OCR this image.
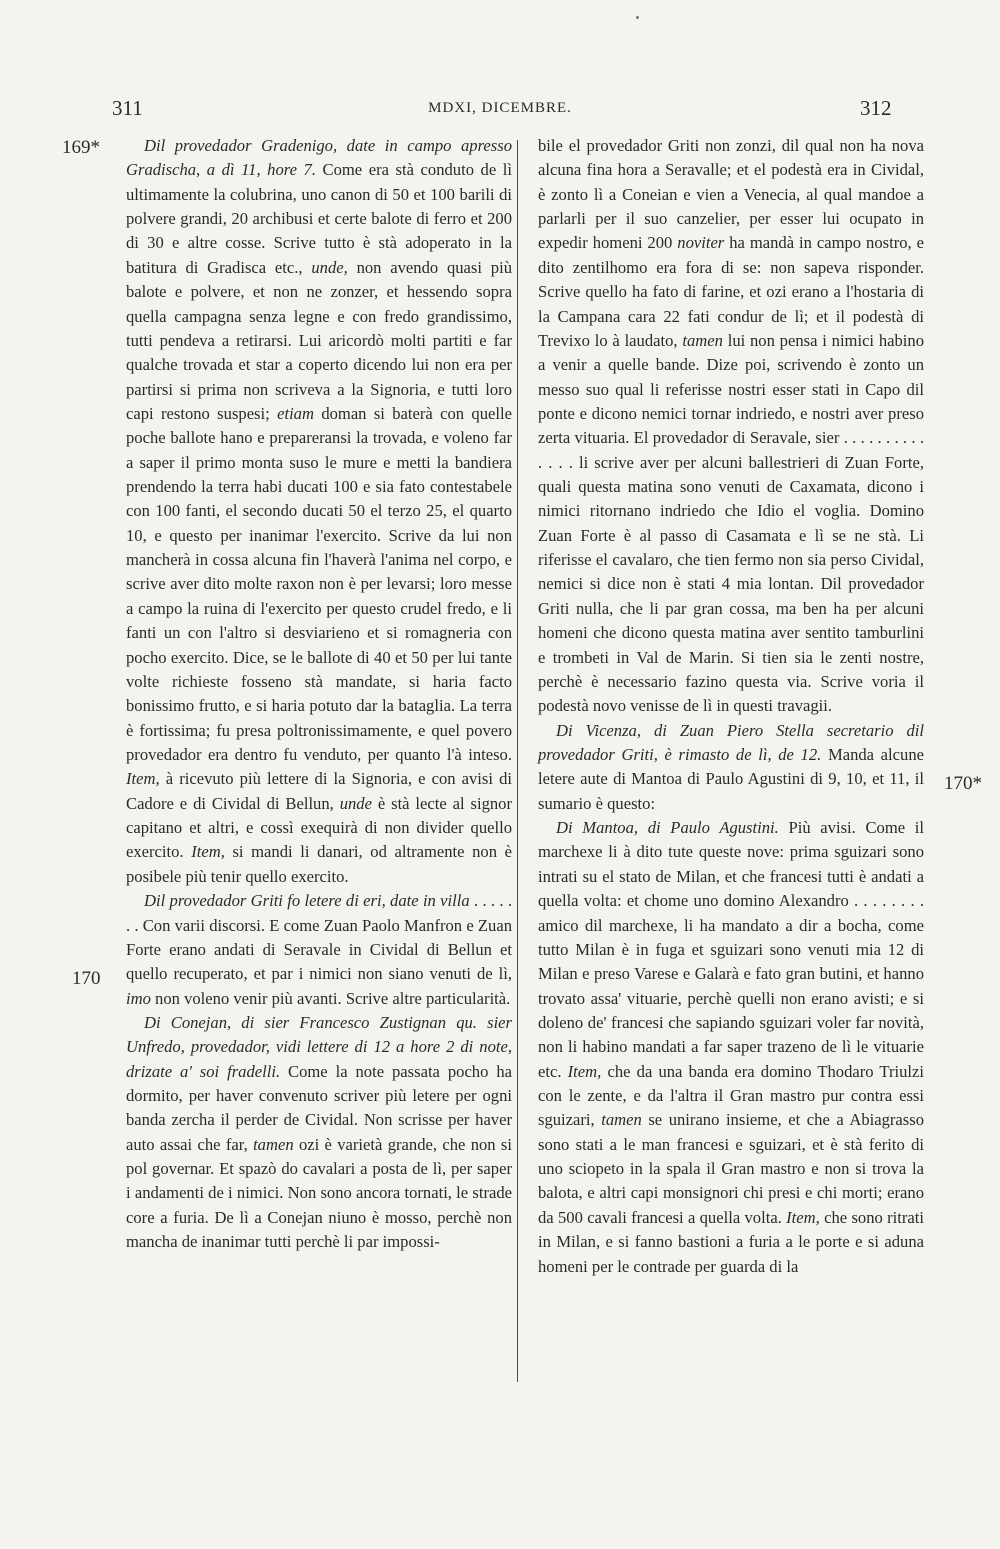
311	MDXI, DICEMBRE.	312
169*
170
170*

Dil provedador Gradenigo, date in campo apresso Gradischa, a dì 11, hore 7. Come era stà conduto de lì ultimamente la colubrina, uno canon di 50 et 100 barili di polvere grandi, 20 archibusi et certe balote di ferro et 200 di 30 e altre cosse. Scrive tutto è stà adoperato in la batitura di Gradisca etc., unde, non avendo quasi più balote e polvere, et non ne zonzer, et hessendo sopra quella campagna senza legne e con fredo grandissimo, tutti pendeva a retirarsi. Lui aricordò molti partiti e far qualche trovada et star a coperto dicendo lui non era per partirsi si prima non scriveva a la Signoria, e tutti loro capi restono suspesi; etiam doman si baterà con quelle poche ballote hano e prepareransi la trovada, e voleno far a saper il primo monta suso le mure e metti la bandiera prendendo la terra habi ducati 100 e sia fato contestabele con 100 fanti, el secondo ducati 50 el terzo 25, el quarto 10, e questo per inanimar l'exercito. Scrive da lui non mancherà in cossa alcuna fin l'haverà l'anima nel corpo, e scrive aver dito molte raxon non è per levarsi; loro messe a campo la ruina di l'exercito per questo crudel fredo, e li fanti un con l'altro si desviarieno et si romagneria con pocho exercito. Dice, se le ballote di 40 et 50 per lui tante volte richieste fosseno stà mandate, si haria facto bonissimo frutto, e si haria potuto dar la bataglia. La terra è fortissima; fu presa poltronissimamente, e quel povero provedador era dentro fu venduto, per quanto l'à inteso. Item, à ricevuto più lettere di la Signoria, e con avisi di Cadore e di Cividal di Bellun, unde è stà lecte al signor capitano et altri, e cossì exequirà di non divider quello exercito. Item, si mandi li danari, od altramente non è posibele più tenir quello exercito.

Dil provedador Griti fo letere di eri, date in villa . . . . . . . Con varii discorsi. E come Zuan Paolo Manfron e Zuan Forte erano andati di Seravale in Cividal di Bellun et quello recuperato, et par i nimici non siano venuti de lì, imo non voleno venir più avanti. Scrive altre particularità.

Di Conejan, di sier Francesco Zustignan qu. sier Unfredo, provedador, vidi lettere di 12 a hore 2 di note, drizate a' soi fradelli. Come la note passata pocho ha dormito, per haver convenuto scriver più letere per ogni banda zercha il perder de Cividal. Non scrisse per haver auto assai che far, tamen ozi è varietà grande, che non si pol governar. Et spazò do cavalari a posta de lì, per saper i andamenti de i nimici. Non sono ancora tornati, le strade core a furia. De lì a Conejan niuno è mosso, perchè non mancha de inanimar tutti perchè li par impossi-

bile el provedador Griti non zonzi, dil qual non ha nova alcuna fina hora a Seravalle; et el podestà era in Cividal, è zonto lì a Coneian e vien a Venecia, al qual mandoe a parlarli per il suo canzelier, per esser lui ocupato in expedir homeni 200 noviter ha mandà in campo nostro, e dito zentilhomo era fora di se: non sapeva risponder. Scrive quello ha fato di farine, et ozi erano a l'hostaria di la Campana cara 22 fati condur de lì; et il podestà di Trevixo lo à laudato, tamen lui non pensa i nimici habino a venir a quelle bande. Dize poi, scrivendo è zonto un messo suo qual li referisse nostri esser stati in Capo dil ponte e dicono nemici tornar indriedo, e nostri aver preso zerta vituaria. El provedador di Seravale, sier . . . . . . . . . . . . . . li scrive aver per alcuni ballestrieri di Zuan Forte, quali questa matina sono venuti de Caxamata, dicono i nimici ritornano indriedo che Idio el voglia. Domino Zuan Forte è al passo di Casamata e lì se ne stà. Li riferisse el cavalaro, che tien fermo non sia perso Cividal, nemici si dice non è stati 4 mia lontan. Dil provedador Griti nulla, che li par gran cossa, ma ben ha per alcuni homeni che dicono questa matina aver sentito tamburlini e trombeti in Val de Marin. Si tien sia le zenti nostre, perchè è necessario fazino questa via. Scrive voria il podestà novo venisse de lì in questi travagii.

Di Vicenza, di Zuan Piero Stella secretario dil provedador Griti, è rimasto de lì, de 12. Manda alcune letere aute di Mantoa di Paulo Agustini di 9, 10, et 11, il sumario è questo:

Di Mantoa, di Paulo Agustini. Più avisi. Come il marchexe li à dito tute queste nove: prima sguizari sono intrati su el stato de Milan, et che francesi tutti è andati a quella volta: et chome uno domino Alexandro . . . . . . . . amico dil marchexe, li ha mandato a dir a bocha, come tutto Milan è in fuga et sguizari sono venuti mia 12 di Milan e preso Varese e Galarà e fato gran butini, et hanno trovato assa' vituarie, perchè quelli non erano avisti; e si doleno de' francesi che sapiando sguizari voler far novità, non li habino mandati a far saper trazeno de lì le vituarie etc. Item, che da una banda era domino Thodaro Triulzi con le zente, e da l'altra il Gran mastro pur contra essi sguizari, tamen se unirano insieme, et che a Abiagrasso sono stati a le man francesi e sguizari, et è stà ferito di uno sciopeto in la spala il Gran mastro e non si trova la balota, e altri capi monsignori chi presi e chi morti; erano da 500 cavali francesi a quella volta. Item, che sono ritrati in Milan, e si fanno bastioni a furia a le porte e si aduna homeni per le contrade per guarda di la
